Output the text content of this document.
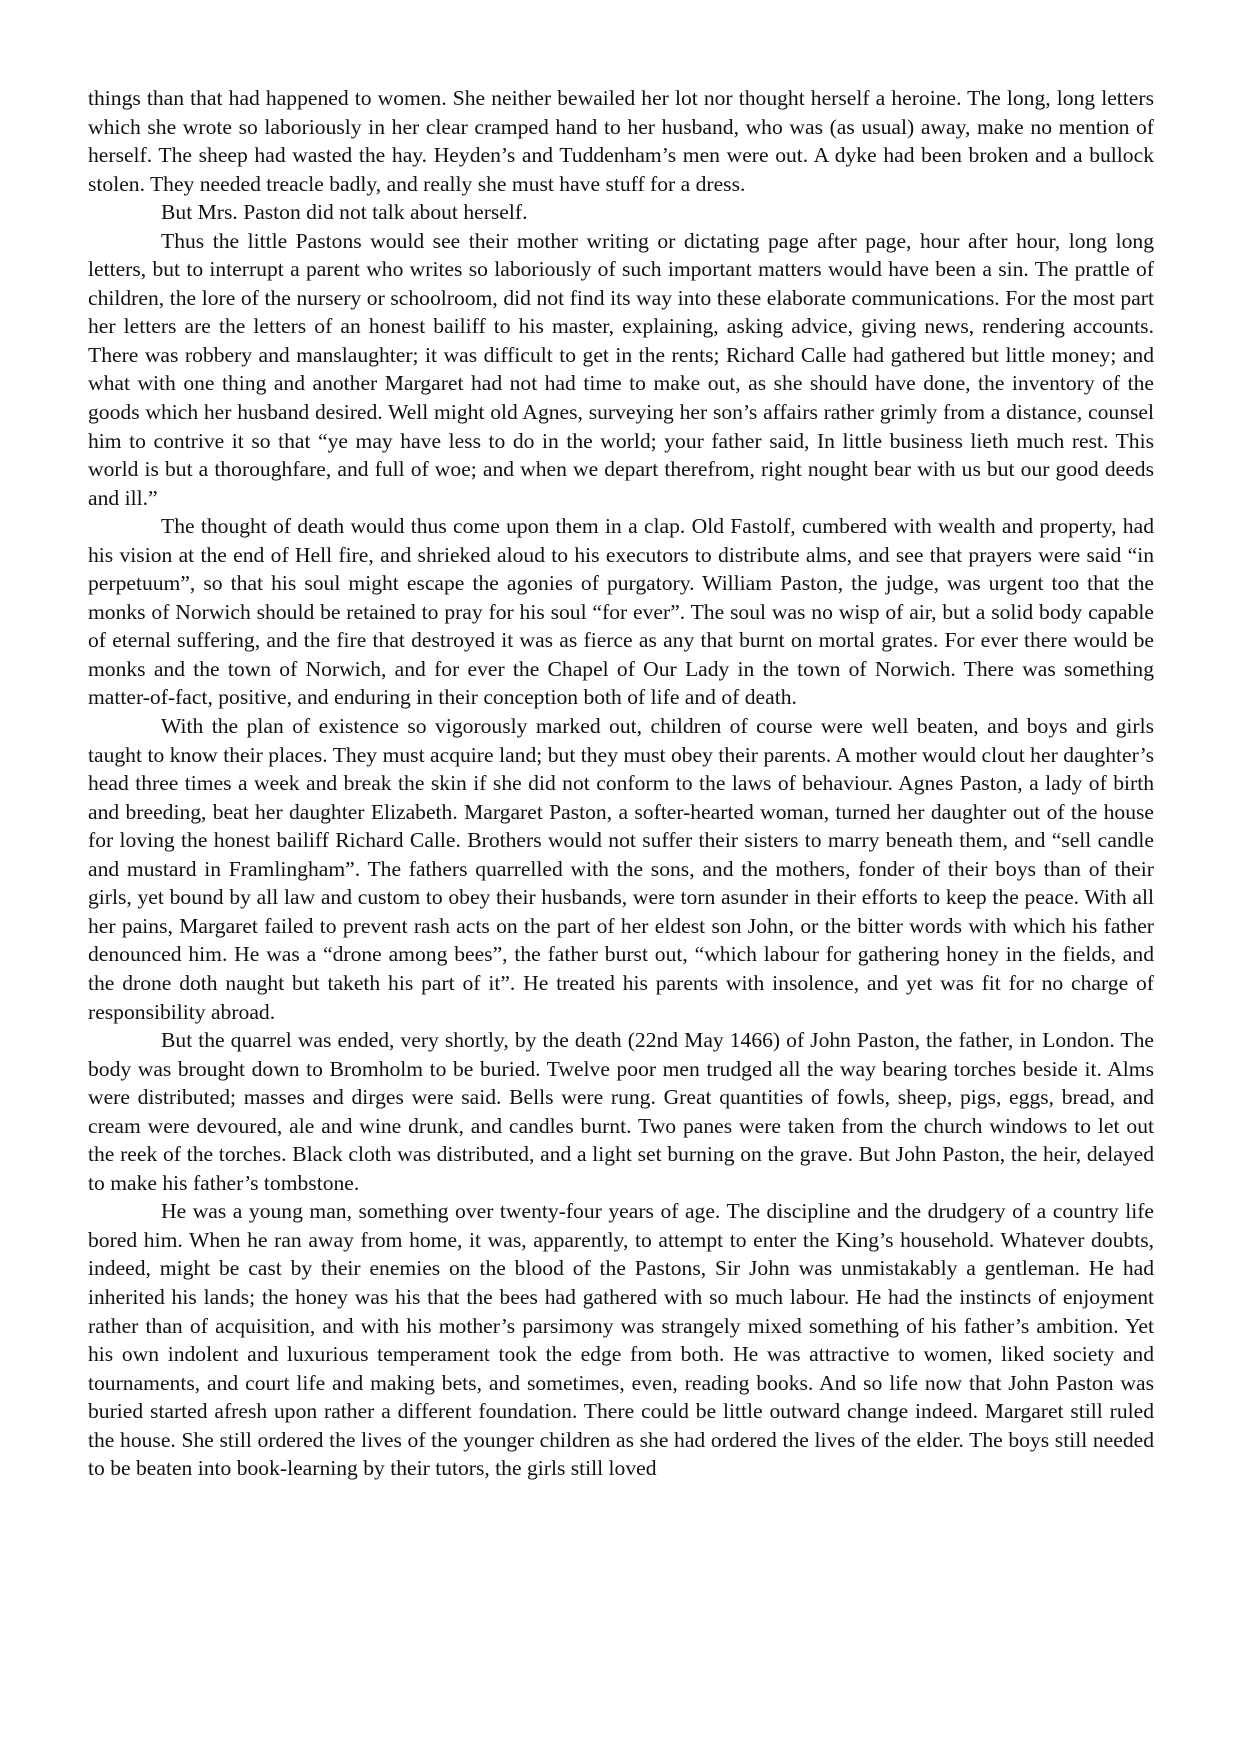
things than that had happened to women. She neither bewailed her lot nor thought herself a heroine. The long, long letters which she wrote so laboriously in her clear cramped hand to her husband, who was (as usual) away, make no mention of herself. The sheep had wasted the hay. Heyden’s and Tuddenham’s men were out. A dyke had been broken and a bullock stolen. They needed treacle badly, and really she must have stuff for a dress.

But Mrs. Paston did not talk about herself.

Thus the little Pastons would see their mother writing or dictating page after page, hour after hour, long long letters, but to interrupt a parent who writes so laboriously of such important matters would have been a sin. The prattle of children, the lore of the nursery or schoolroom, did not find its way into these elaborate communications. For the most part her letters are the letters of an honest bailiff to his master, explaining, asking advice, giving news, rendering accounts. There was robbery and manslaughter; it was difficult to get in the rents; Richard Calle had gathered but little money; and what with one thing and another Margaret had not had time to make out, as she should have done, the inventory of the goods which her husband desired. Well might old Agnes, surveying her son’s affairs rather grimly from a distance, counsel him to contrive it so that “ye may have less to do in the world; your father said, In little business lieth much rest. This world is but a thoroughfare, and full of woe; and when we depart therefrom, right nought bear with us but our good deeds and ill.”

The thought of death would thus come upon them in a clap. Old Fastolf, cumbered with wealth and property, had his vision at the end of Hell fire, and shrieked aloud to his executors to distribute alms, and see that prayers were said “in perpetuum”, so that his soul might escape the agonies of purgatory. William Paston, the judge, was urgent too that the monks of Norwich should be retained to pray for his soul “for ever”. The soul was no wisp of air, but a solid body capable of eternal suffering, and the fire that destroyed it was as fierce as any that burnt on mortal grates. For ever there would be monks and the town of Norwich, and for ever the Chapel of Our Lady in the town of Norwich. There was something matter-of-fact, positive, and enduring in their conception both of life and of death.

With the plan of existence so vigorously marked out, children of course were well beaten, and boys and girls taught to know their places. They must acquire land; but they must obey their parents. A mother would clout her daughter’s head three times a week and break the skin if she did not conform to the laws of behaviour. Agnes Paston, a lady of birth and breeding, beat her daughter Elizabeth. Margaret Paston, a softer-hearted woman, turned her daughter out of the house for loving the honest bailiff Richard Calle. Brothers would not suffer their sisters to marry beneath them, and “sell candle and mustard in Framlingham”. The fathers quarrelled with the sons, and the mothers, fonder of their boys than of their girls, yet bound by all law and custom to obey their husbands, were torn asunder in their efforts to keep the peace. With all her pains, Margaret failed to prevent rash acts on the part of her eldest son John, or the bitter words with which his father denounced him. He was a “drone among bees”, the father burst out, “which labour for gathering honey in the fields, and the drone doth naught but taketh his part of it”. He treated his parents with insolence, and yet was fit for no charge of responsibility abroad.

But the quarrel was ended, very shortly, by the death (22nd May 1466) of John Paston, the father, in London. The body was brought down to Bromholm to be buried. Twelve poor men trudged all the way bearing torches beside it. Alms were distributed; masses and dirges were said. Bells were rung. Great quantities of fowls, sheep, pigs, eggs, bread, and cream were devoured, ale and wine drunk, and candles burnt. Two panes were taken from the church windows to let out the reek of the torches. Black cloth was distributed, and a light set burning on the grave. But John Paston, the heir, delayed to make his father’s tombstone.

He was a young man, something over twenty-four years of age. The discipline and the drudgery of a country life bored him. When he ran away from home, it was, apparently, to attempt to enter the King’s household. Whatever doubts, indeed, might be cast by their enemies on the blood of the Pastons, Sir John was unmistakably a gentleman. He had inherited his lands; the honey was his that the bees had gathered with so much labour. He had the instincts of enjoyment rather than of acquisition, and with his mother’s parsimony was strangely mixed something of his father’s ambition. Yet his own indolent and luxurious temperament took the edge from both. He was attractive to women, liked society and tournaments, and court life and making bets, and sometimes, even, reading books. And so life now that John Paston was buried started afresh upon rather a different foundation. There could be little outward change indeed. Margaret still ruled the house. She still ordered the lives of the younger children as she had ordered the lives of the elder. The boys still needed to be beaten into book-learning by their tutors, the girls still loved
